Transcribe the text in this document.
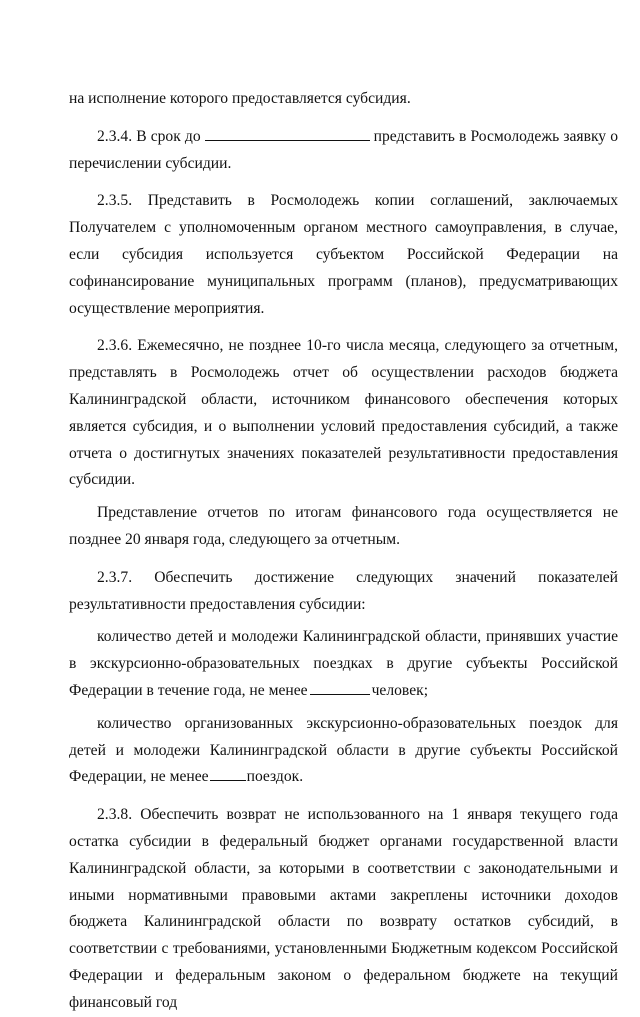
на исполнение которого предоставляется субсидия.

2.3.4. В срок до	представить в Росмолодежь заявку о перечислении субсидии.

2.3.5. Представить в Росмолодежь копии соглашений, заключаемых Получателем с уполномоченным органом местного самоуправления, в случае, если субсидия используется субъектом Российской Федерации на софинансирование муниципальных программ (планов), предусматривающих осуществление мероприятия.

2.3.6. Ежемесячно, не позднее 10-го числа месяца, следующего за отчетным, представлять в Росмолодежь отчет об осуществлении расходов бюджета Калининградской области, источником финансового обеспечения которых является субсидия, и о выполнении условий предоставления субсидий, а также отчета о достигнутых значениях показателей результативности предоставления субсидии.

Представление отчетов по итогам финансового года осуществляется не позднее 20 января года, следующего за отчетным.

2.3.7. Обеспечить достижение следующих значений показателей результативности предоставления субсидии:

количество детей и молодежи Калининградской области, принявших участие в экскурсионно-образовательных поездках в другие субъекты Российской Федерации в течение года, не менее	человек;

количество организованных экскурсионно-образовательных поездок для детей и молодежи Калининградской области в другие субъекты Российской Федерации, не менее поездок.

2.3.8. Обеспечить возврат не использованного на 1 января текущего года остатка субсидии в федеральный бюджет органами государственной власти Калининградской области, за которыми в соответствии с законодательными и иными нормативными правовыми актами закреплены источники доходов бюджета Калининградской области по возврату остатков субсидий, в соответствии с требованиями, установленными Бюджетным кодексом Российской Федерации и федеральным законом о федеральном бюджете на текущий финансовый год
